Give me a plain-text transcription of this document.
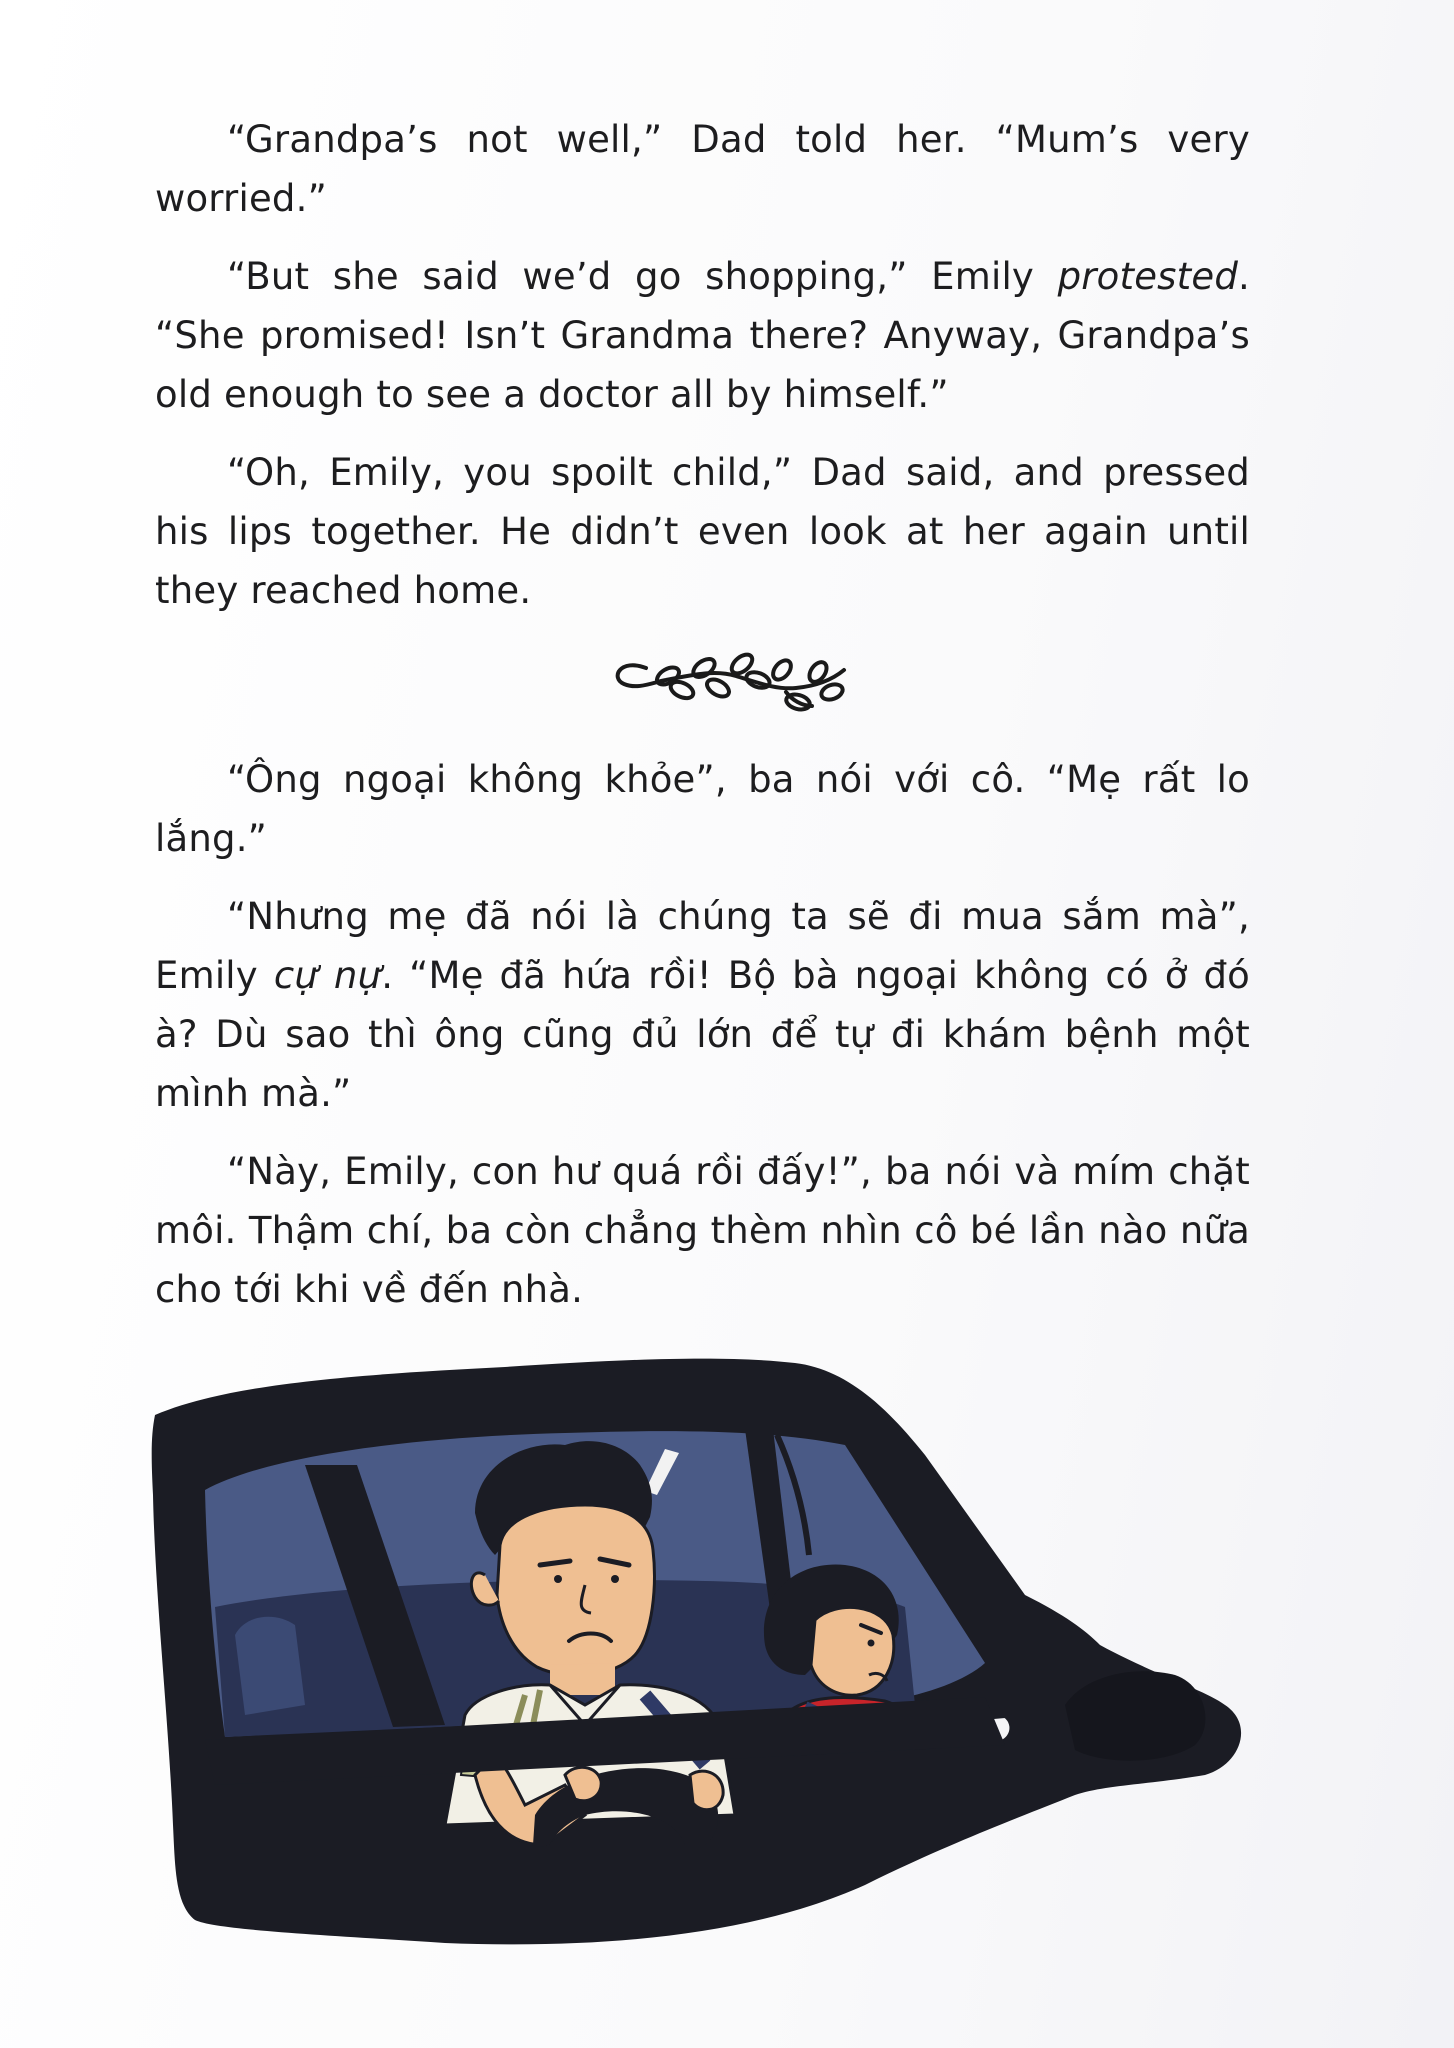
“Grandpa’s not well,” Dad told her. “Mum’s very worried.”

“But she said we’d go shopping,” Emily protested. “She promised! Isn’t Grandma there? Anyway, Grandpa’s old enough to see a doctor all by himself.”

“Oh, Emily, you spoilt child,” Dad said, and pressed his lips together. He didn’t even look at her again until they reached home.

“Ông ngoại không khỏe”, ba nói với cô. “Mẹ rất lo lắng.”

“Nhưng mẹ đã nói là chúng ta sẽ đi mua sắm mà”, Emily cự nự. “Mẹ đã hứa rồi! Bộ bà ngoại không có ở đó à? Dù sao thì ông cũng đủ lớn để tự đi khám bệnh một mình mà.”

“Này, Emily, con hư quá rồi đấy!”, ba nói và mím chặt môi. Thậm chí, ba còn chẳng thèm nhìn cô bé lần nào nữa cho tới khi về đến nhà.
